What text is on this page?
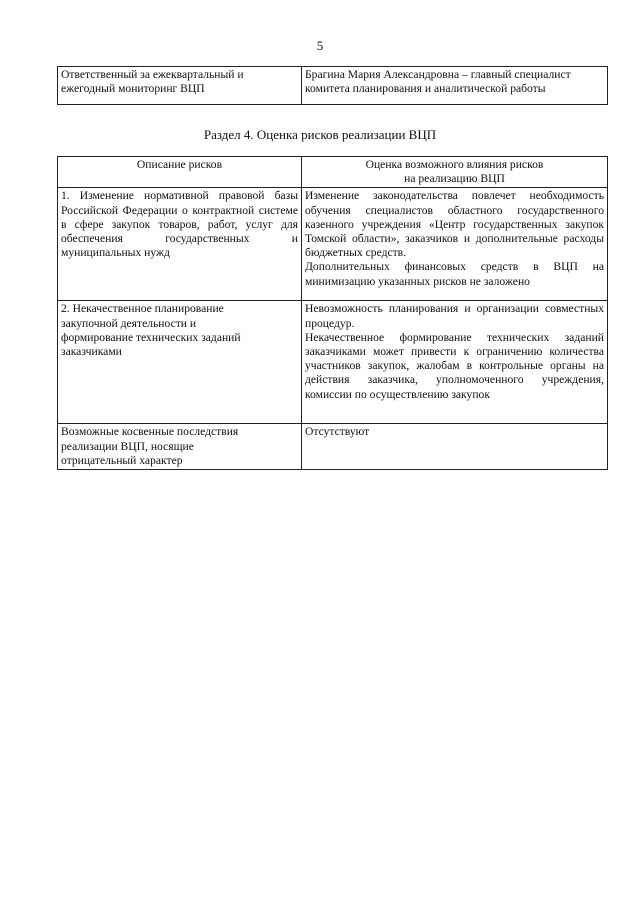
5
Ответственный за ежеквартальный и ежегодный мониторинг ВЦП	Брагина Мария Александровна – главный специалист комитета планирования и аналитической работы
Раздел 4. Оценка рисков реализации ВЦП
Описание рисков	Оценка возможного влияния рисков на реализацию ВЦП
1. Изменение нормативной правовой базы Российской Федерации о контрактной системе в сфере закупок товаров, работ, услуг для обеспечения государственных и муниципальных нужд	Изменение законодательства повлечет необходимость обучения специалистов областного государственного казенного учреждения «Центр государственных закупок Томской области», заказчиков и дополнительные расходы бюджетных средств.

Дополнительных финансовых средств в ВЦП на минимизацию указанных рисков не заложено

2. Некачественное планирование закупочной деятельности и формирование технических заданий заказчиками	Невозможность планирования и организации совместных процедур.

Некачественное формирование технических заданий заказчиками может привести к ограничению количества участников закупок, жалобам в контрольные органы на действия заказчика, уполномоченного учреждения, комиссии по осуществлению закупок

Возможные косвенные последствия реализации ВЦП, носящие отрицательный характер	Отсутствуют
